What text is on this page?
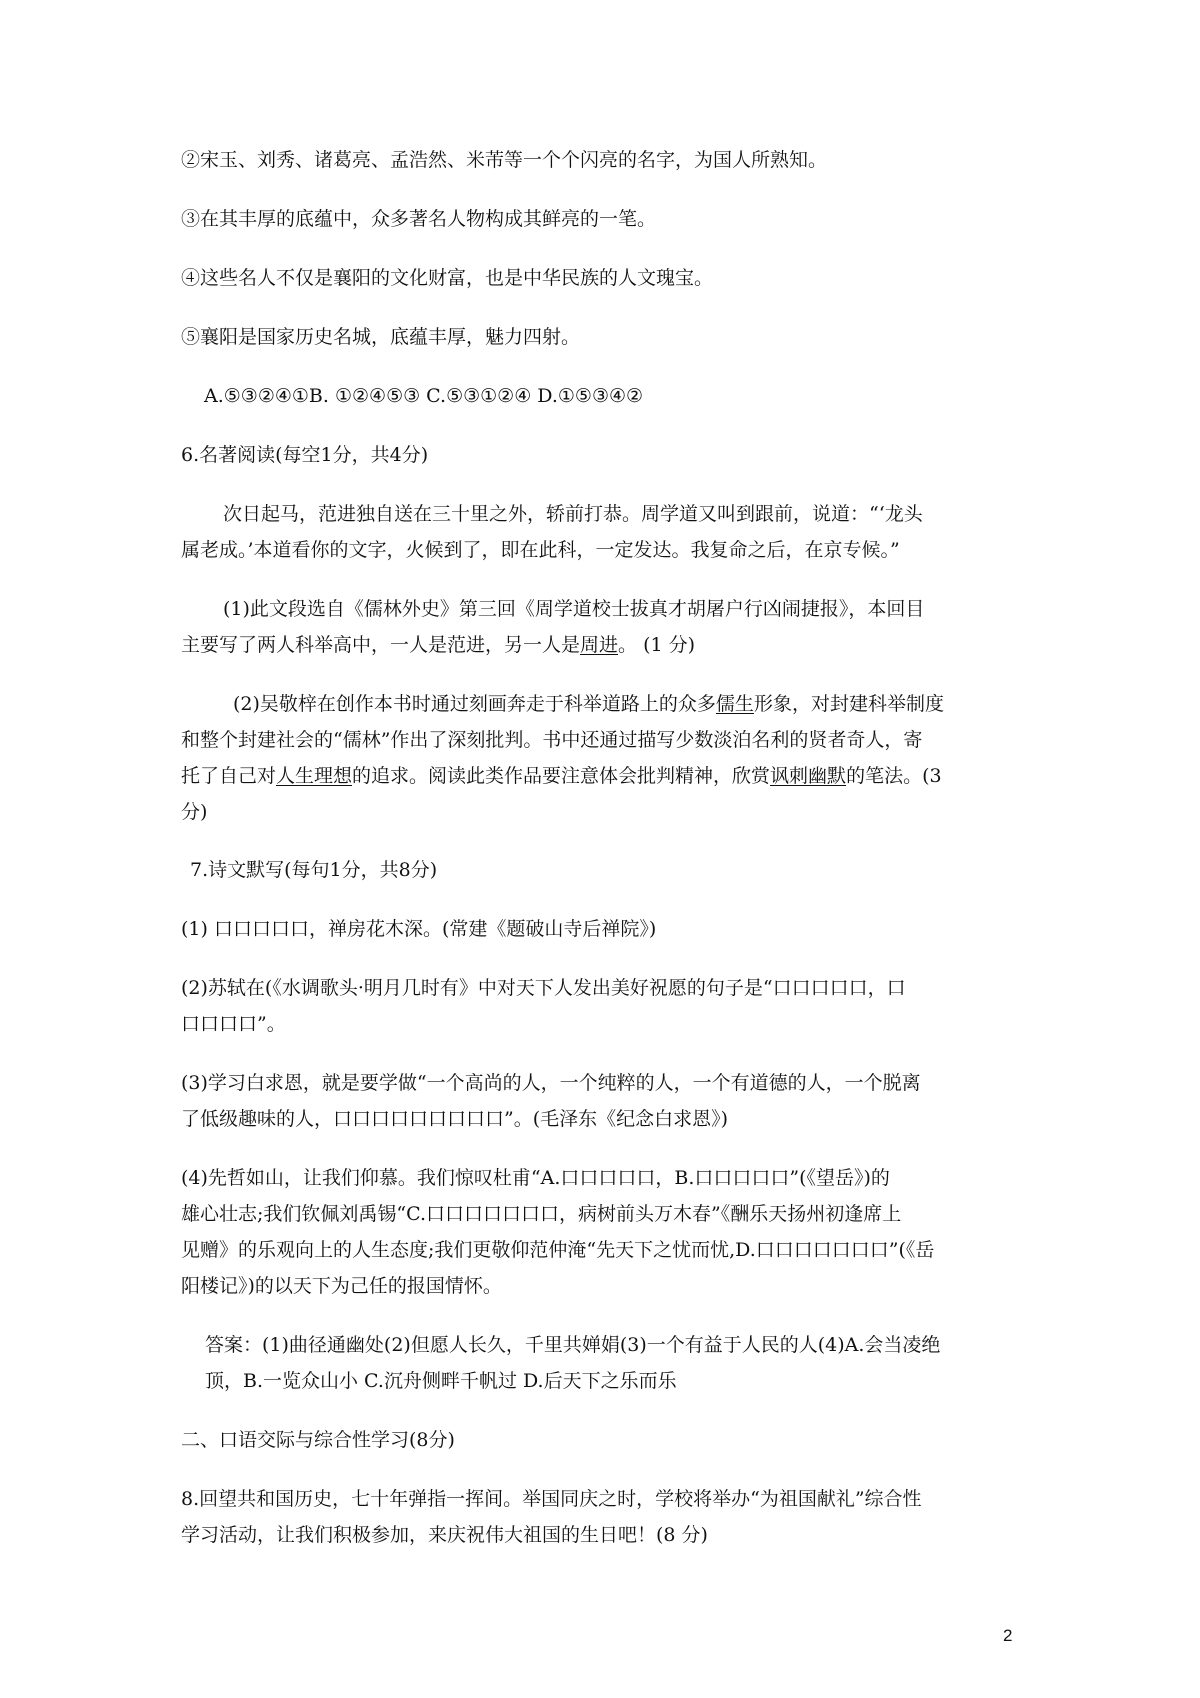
②宋玉、刘秀、诸葛亮、孟浩然、米芾等一个个闪亮的名字，为国人所熟知。

③在其丰厚的底蕴中，众多著名人物构成其鲜亮的一笔。

④这些名人不仅是襄阳的文化财富，也是中华民族的人文瑰宝。

⑤襄阳是国家历史名城，底蕴丰厚，魅力四射。

A.⑤③②④①B. ①②④⑤③ C.⑤③①②④ D.①⑤③④②

6.名著阅读(每空1分，共4分)

次日起马，范进独自送在三十里之外，轿前打恭。周学道又叫到跟前，说道：“‘龙头

属老成。’本道看你的文字，火候到了，即在此科，一定发达。我复命之后，在京专候。”

(1)此文段选自《儒林外史》第三回《周学道校士拔真才胡屠户行凶闹捷报》，本回目

主要写了两人科举高中，一人是范进，另一人是周进。 (1 分)

(2)吴敬梓在创作本书时通过刻画奔走于科举道路上的众多儒生形象，对封建科举制度

和整个封建社会的“儒林”作出了深刻批判。书中还通过描写少数淡泊名利的贤者奇人，寄

托了自己对人生理想的追求。阅读此类作品要注意体会批判精神，欣赏讽刺幽默的笔法。(3

分)

7.诗文默写(每句1分，共8分)

(1) 口口口口口，禅房花木深。(常建《题破山寺后禅院》)

(2)苏轼在(《水调歌头·明月几时有》中对天下人发出美好祝愿的句子是“口口口口口，口

口口口口”。

(3)学习白求恩，就是要学做“一个高尚的人，一个纯粹的人，一个有道德的人，一个脱离

了低级趣味的人，口口口口口口口口口”。(毛泽东《纪念白求恩》)

(4)先哲如山，让我们仰慕。我们惊叹杜甫“A.口口口口口，B.口口口口口”(《望岳》)的

雄心壮志;我们钦佩刘禹锡“C.口口口口口口口，病树前头万木春”《酬乐天扬州初逢席上

见赠》的乐观向上的人生态度;我们更敬仰范仲淹“先天下之忧而忧,D.口口口口口口口”(《岳

阳楼记》)的以天下为己任的报国情怀。

答案：(1)曲径通幽处(2)但愿人长久，千里共婵娟(3)一个有益于人民的人(4)A.会当凌绝

顶，B.一览众山小 C.沉舟侧畔千帆过 D.后天下之乐而乐

二、口语交际与综合性学习(8分)

8.回望共和国历史，七十年弹指一挥间。举国同庆之时，学校将举办“为祖国献礼”综合性

学习活动，让我们积极参加，来庆祝伟大祖国的生日吧！(8 分)

2
